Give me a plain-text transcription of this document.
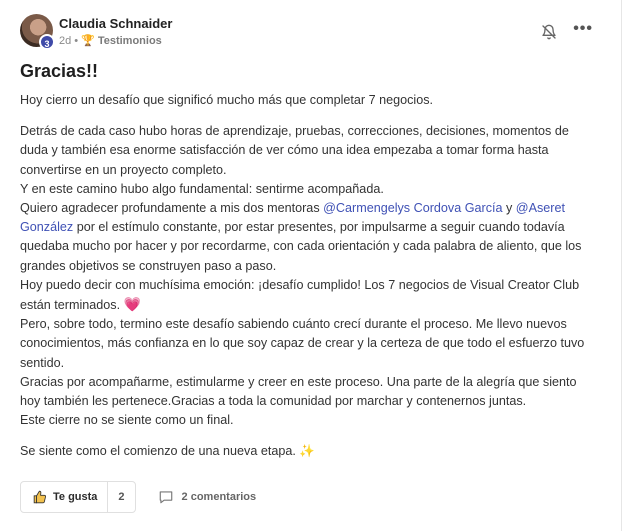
3
Claudia Schnaider
2d • 🏆 Testimonios
•••
Gracias!!

Hoy cierro un desafío que significó mucho más que completar 7 negocios.

Detrás de cada caso hubo horas de aprendizaje, pruebas, correcciones, decisiones, momentos de duda y también esa enorme satisfacción de ver cómo una idea empezaba a tomar forma hasta convertirse en un proyecto completo.

Y en este camino hubo algo fundamental: sentirme acompañada.

Quiero agradecer profundamente a mis dos mentoras @Carmengelys Cordova García y @Aseret González por el estímulo constante, por estar presentes, por impulsarme a seguir cuando todavía quedaba mucho por hacer y por recordarme, con cada orientación y cada palabra de aliento, que los grandes objetivos se construyen paso a paso.

Hoy puedo decir con muchísima emoción: ¡desafío cumplido! Los 7 negocios de Visual Creator Club están terminados. 💗

Pero, sobre todo, termino este desafío sabiendo cuánto crecí durante el proceso. Me llevo nuevos conocimientos, más confianza en lo que soy capaz de crear y la certeza de que todo el esfuerzo tuvo sentido.

Gracias por acompañarme, estimularme y creer en este proceso. Una parte de la alegría que siento hoy también les pertenece.Gracias a toda la comunidad por marchar y contenernos juntas.

Este cierre no se siente como un final.

Se siente como el comienzo de una nueva etapa. ✨

Te gusta	2	2 comentarios
